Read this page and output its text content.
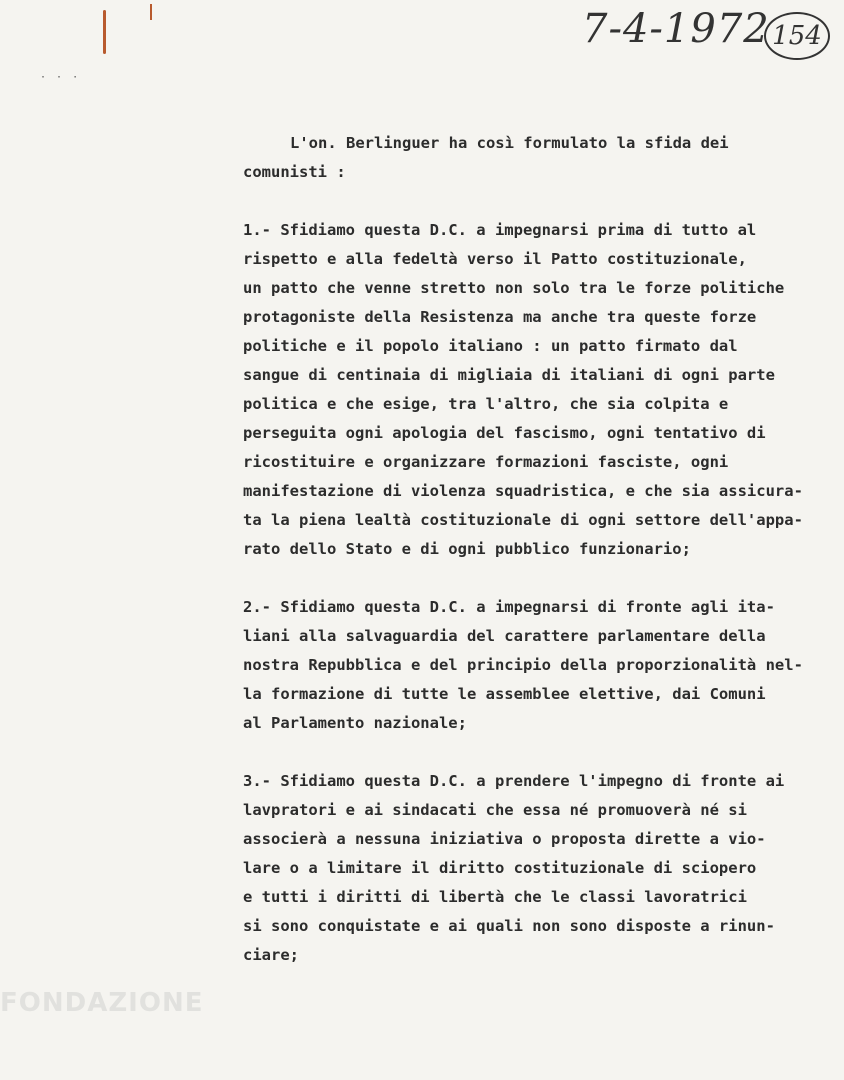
· · ·
7-4-1972 154
L'on. Berlinguer ha così formulato la sfida dei
comunisti :
1.- Sfidiamo questa D.C. a impegnarsi prima di tutto al
rispetto e alla fedeltà verso il Patto costituzionale,
un patto che venne stretto non solo tra le forze politiche
protagoniste della Resistenza ma anche tra queste forze
politiche e il popolo italiano : un patto firmato dal
sangue di centinaia di migliaia di italiani di ogni parte
politica e che esige, tra l'altro, che sia colpita e
perseguita ogni apologia del fascismo, ogni tentativo di
ricostituire e organizzare formazioni fasciste, ogni
manifestazione di violenza squadristica, e che sia assicura-
ta la piena lealtà costituzionale di ogni settore dell'appa-
rato dello Stato e di ogni pubblico funzionario;
2.- Sfidiamo questa D.C. a impegnarsi di fronte agli ita-
liani alla salvaguardia del carattere parlamentare della
nostra Repubblica e del principio della proporzionalità nel-
la formazione di tutte le assemblee elettive, dai Comuni
al Parlamento nazionale;
3.- Sfidiamo questa D.C. a prendere l'impegno di fronte ai
lavpratori e ai sindacati che essa né promuoverà né si
associerà a nessuna iniziativa o proposta dirette a vio-
lare o a limitare il diritto costituzionale di sciopero
e tutti i diritti di libertà che le classi lavoratrici
si sono conquistate e ai quali non sono disposte a rinun-
ciare;
FONDAZIONE
